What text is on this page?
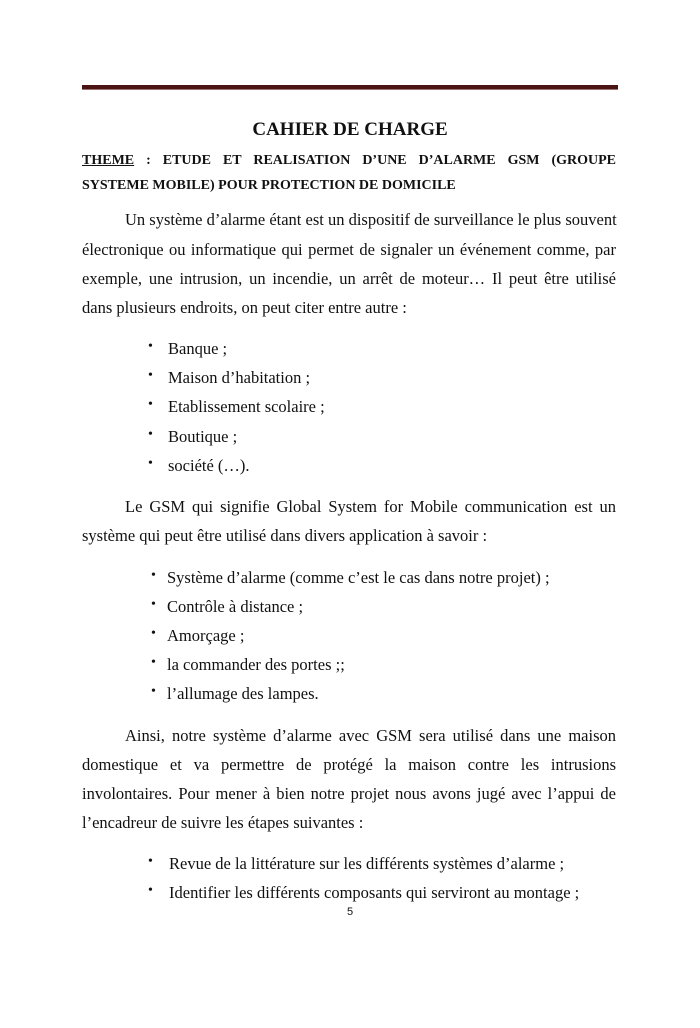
CAHIER DE CHARGE
THEME : ETUDE ET REALISATION D’UNE D’ALARME GSM (GROUPE
SYSTEME MOBILE) POUR PROTECTION DE DOMICILE
Un système d’alarme étant est un dispositif de surveillance le plus souvent
électronique ou informatique qui permet de signaler un événement comme, par
exemple, une intrusion, un incendie, un arrêt de moteur… Il peut être utilisé
dans plusieurs endroits, on peut citer entre autre :
• Banque ;
• Maison d’habitation ;
• Etablissement scolaire ;
• Boutique ;
• société (…).
Le GSM qui signifie Global System for Mobile communication est un
système qui peut être utilisé dans divers application à savoir :
• Système d’alarme (comme c’est le cas dans notre projet) ;
• Contrôle à distance ;
• Amorçage ;
• la commander des portes ;;
• l’allumage des lampes.
Ainsi, notre système d’alarme avec GSM sera utilisé dans une maison
domestique et va permettre de protégé la maison contre les intrusions
involontaires. Pour mener à bien notre projet nous avons jugé avec l’appui de
l’encadreur de suivre les étapes suivantes :
• Revue de la littérature sur les différents systèmes d’alarme ;
• Identifier les différents composants qui serviront au montage ;
5
